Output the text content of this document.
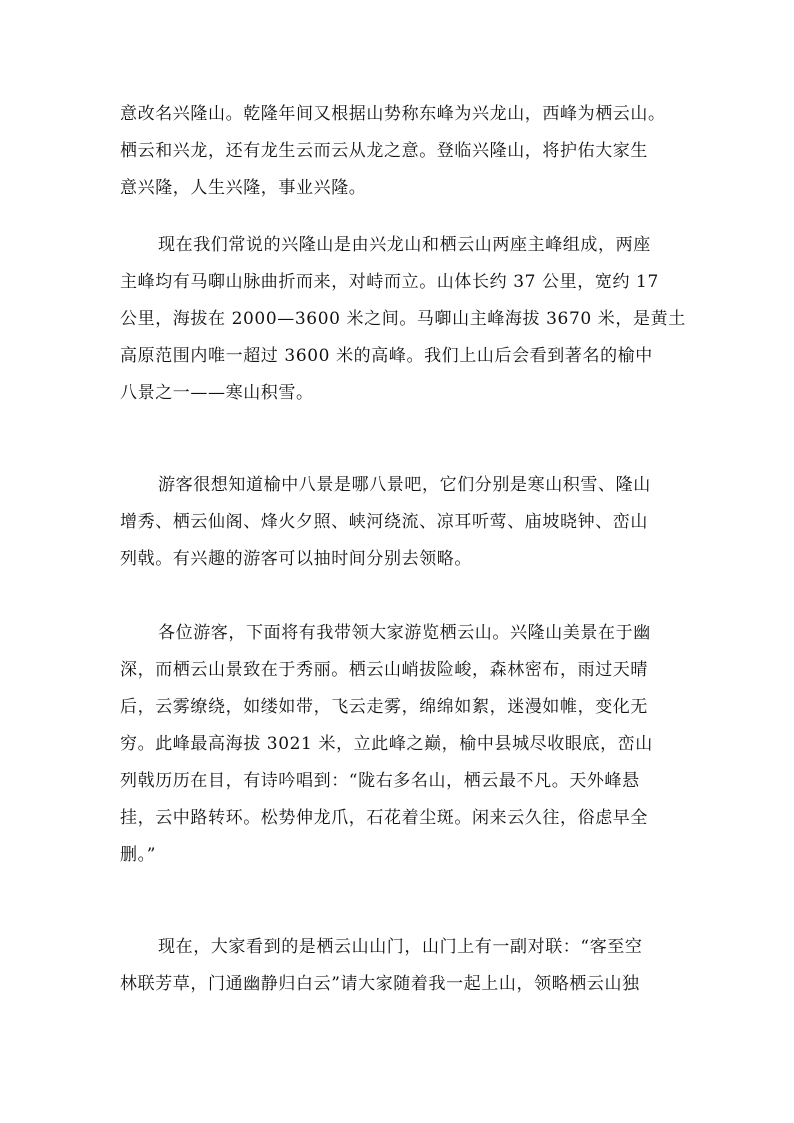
意改名兴隆山。乾隆年间又根据山势称东峰为兴龙山，西峰为栖云山。
栖云和兴龙，还有龙生云而云从龙之意。登临兴隆山，将护佑大家生
意兴隆，人生兴隆，事业兴隆。
现在我们常说的兴隆山是由兴龙山和栖云山两座主峰组成，两座
主峰均有马啣山脉曲折而来，对峙而立。山体长约 37 公里，宽约 17
公里，海拔在 2000—3600 米之间。马啣山主峰海拔 3670 米，是黄土
高原范围内唯一超过 3600 米的高峰。我们上山后会看到著名的榆中
八景之一——寒山积雪。
游客很想知道榆中八景是哪八景吧，它们分别是寒山积雪、隆山
增秀、栖云仙阁、烽火夕照、峡河绕流、凉耳听莺、庙坡晓钟、峦山
列戟。有兴趣的游客可以抽时间分别去领略。
各位游客，下面将有我带领大家游览栖云山。兴隆山美景在于幽
深，而栖云山景致在于秀丽。栖云山峭拔险峻，森林密布，雨过天晴
后，云雾缭绕，如缕如带，飞云走雾，绵绵如絮，迷漫如帷，变化无
穷。此峰最高海拔 3021 米，立此峰之巅，榆中县城尽收眼底，峦山
列戟历历在目，有诗吟唱到：“陇右多名山，栖云最不凡。天外峰悬
挂，云中路转环。松势伸龙爪，石花着尘斑。闲来云久往，俗虑早全
删。”
现在，大家看到的是栖云山山门，山门上有一副对联：“客至空
林联芳草，门通幽静归白云”请大家随着我一起上山，领略栖云山独
